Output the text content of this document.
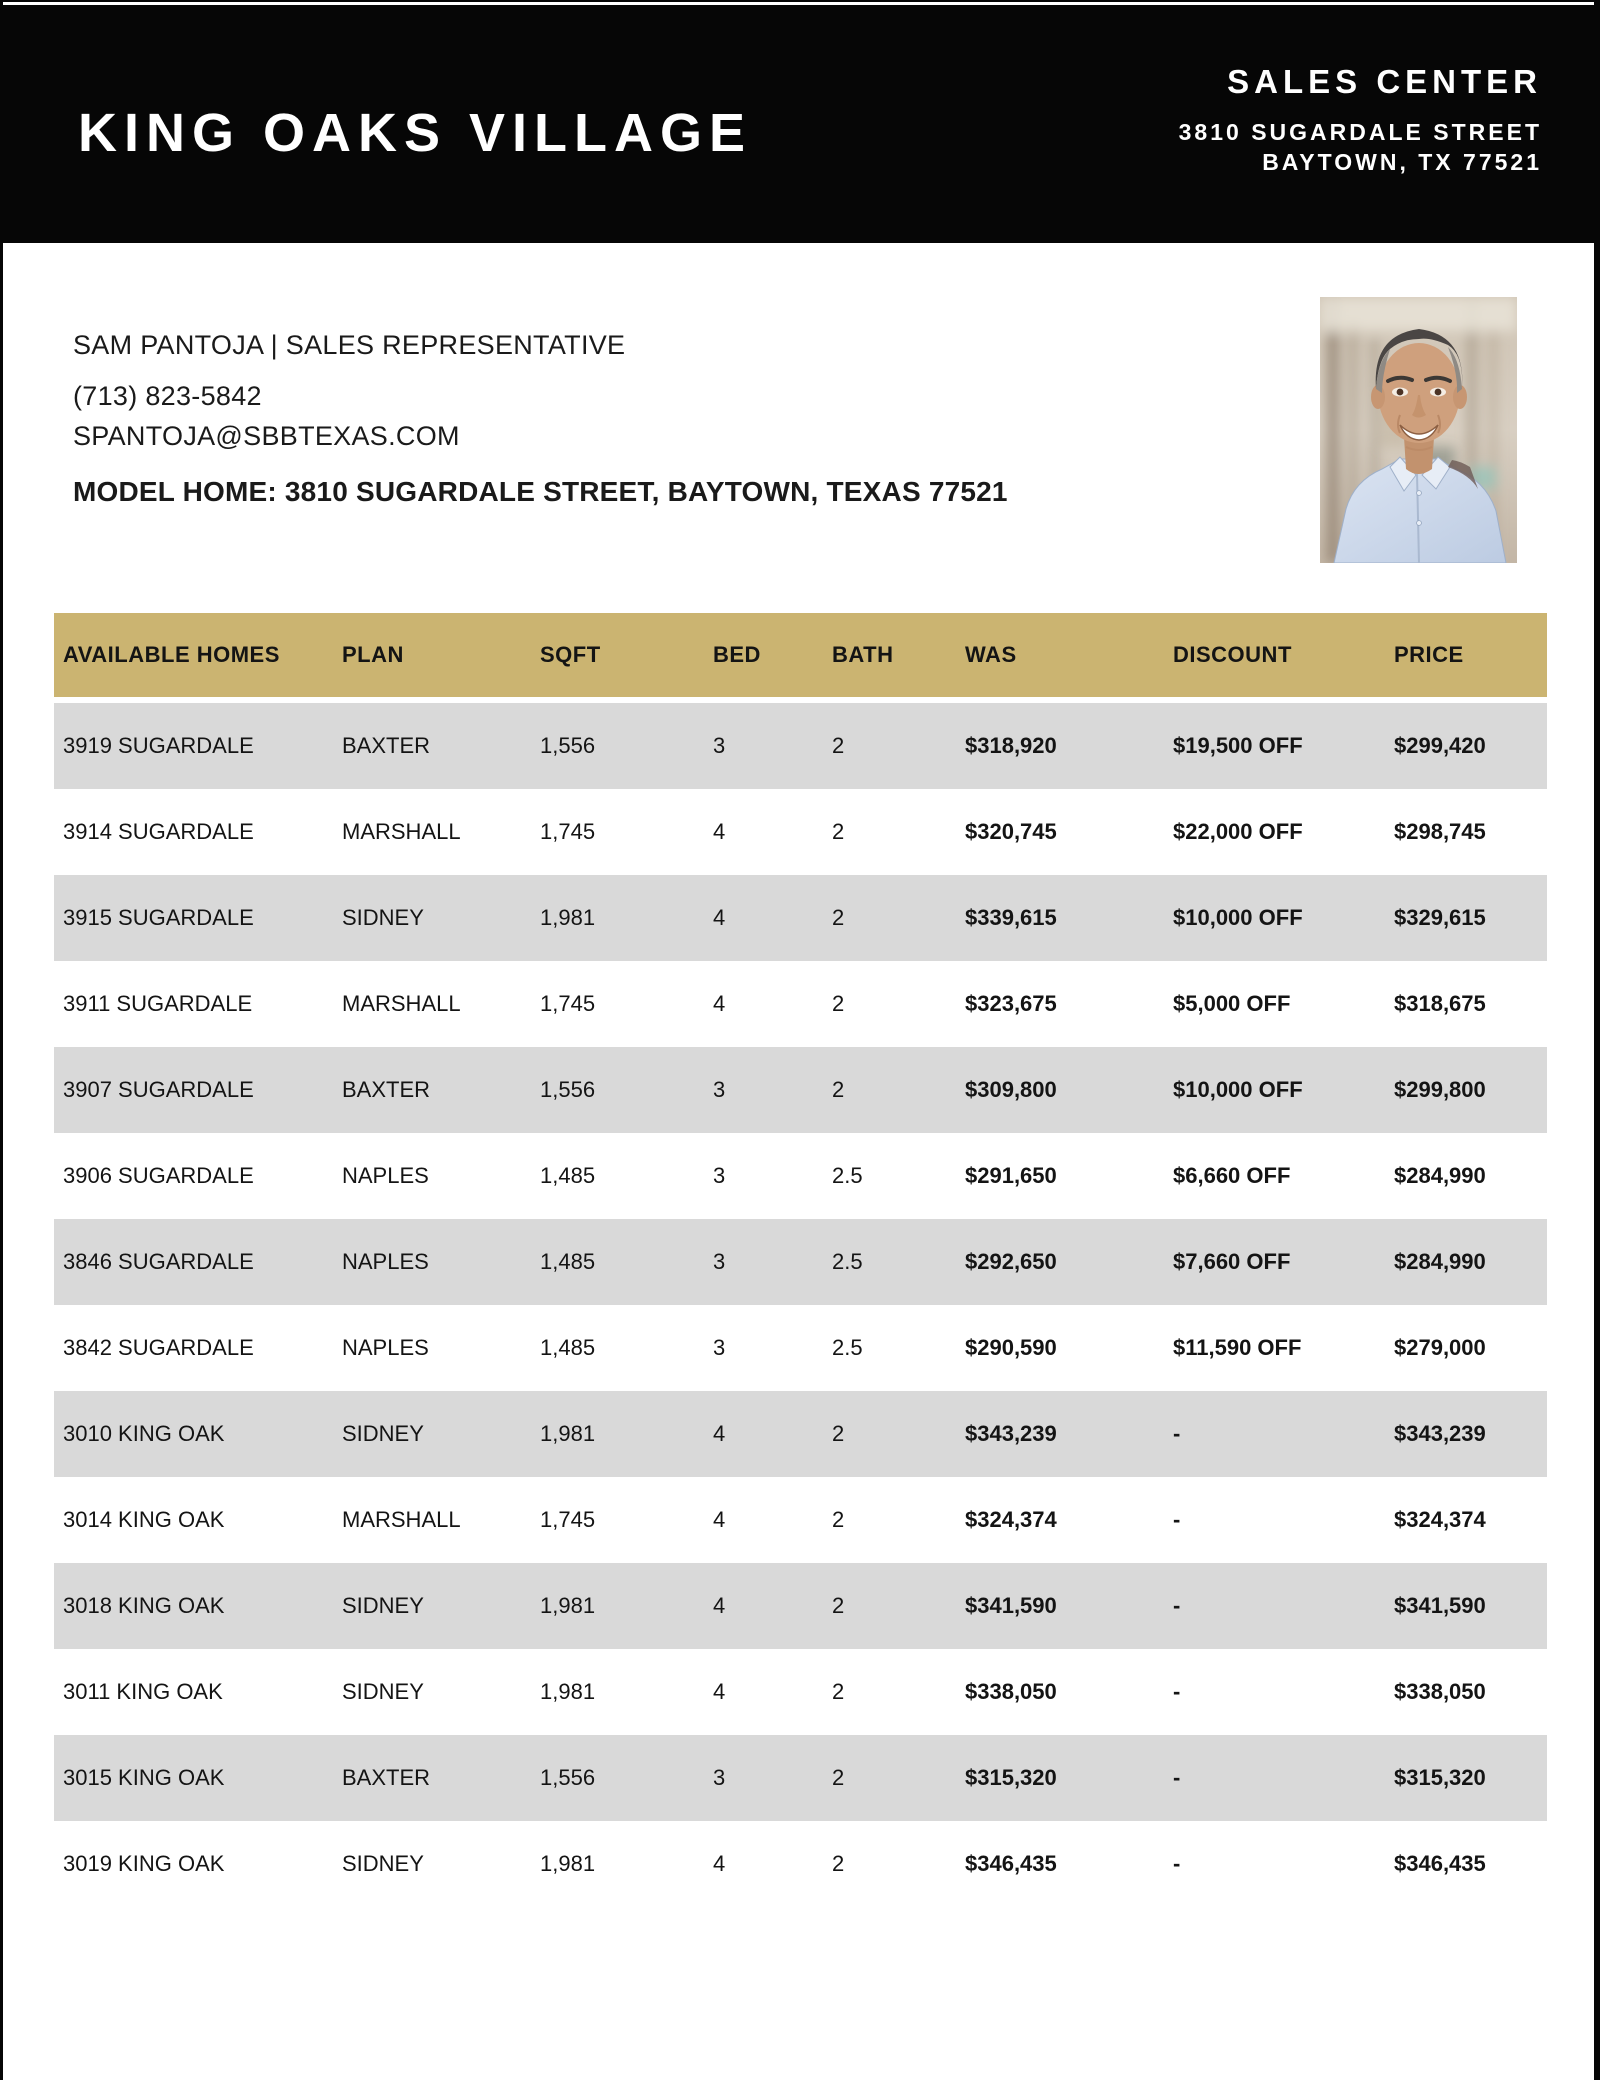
KING OAKS VILLAGE
SALES CENTER
3810 SUGARDALE STREET
BAYTOWN, TX 77521
SAM PANTOJA | SALES REPRESENTATIVE
(713) 823-5842
SPANTOJA@SBBTEXAS.COM
MODEL HOME: 3810 SUGARDALE STREET, BAYTOWN, TEXAS 77521
AVAILABLE HOMES	PLAN	SQFT	BED	BATH	WAS	DISCOUNT	PRICE
3919 SUGARDALE	BAXTER	1,556	3	2	$318,920	$19,500 OFF	$299,420
3914 SUGARDALE	MARSHALL	1,745	4	2	$320,745	$22,000 OFF	$298,745
3915 SUGARDALE	SIDNEY	1,981	4	2	$339,615	$10,000 OFF	$329,615
3911 SUGARDALE	MARSHALL	1,745	4	2	$323,675	$5,000 OFF	$318,675
3907 SUGARDALE	BAXTER	1,556	3	2	$309,800	$10,000 OFF	$299,800
3906 SUGARDALE	NAPLES	1,485	3	2.5	$291,650	$6,660 OFF	$284,990
3846 SUGARDALE	NAPLES	1,485	3	2.5	$292,650	$7,660 OFF	$284,990
3842 SUGARDALE	NAPLES	1,485	3	2.5	$290,590	$11,590 OFF	$279,000
3010 KING OAK	SIDNEY	1,981	4	2	$343,239	-	$343,239
3014 KING OAK	MARSHALL	1,745	4	2	$324,374	-	$324,374
3018 KING OAK	SIDNEY	1,981	4	2	$341,590	-	$341,590
3011 KING OAK	SIDNEY	1,981	4	2	$338,050	-	$338,050
3015 KING OAK	BAXTER	1,556	3	2	$315,320	-	$315,320
3019 KING OAK	SIDNEY	1,981	4	2	$346,435	-	$346,435
